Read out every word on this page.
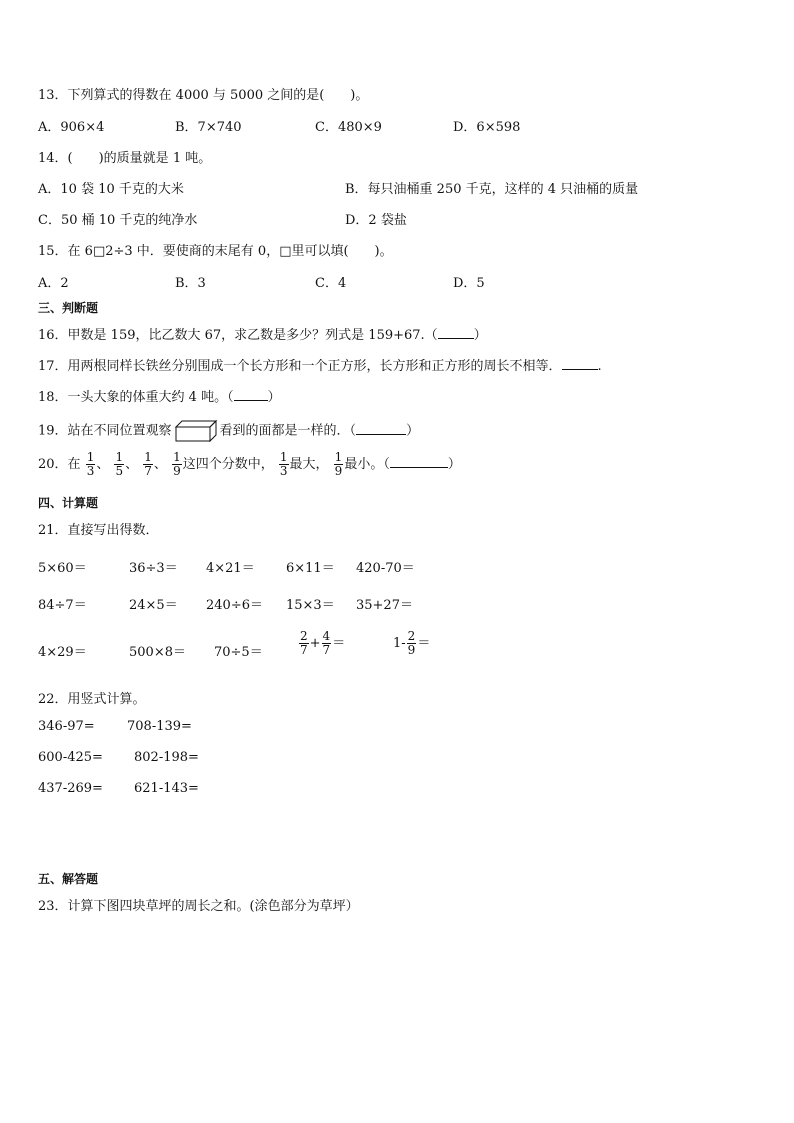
13．下列算式的得数在 4000 与 5000 之间的是(　　)。
A．906×4	B．7×740	C．480×9	D．6×598
14．(　　)的质量就是 1 吨。
A．10 袋 10 千克的大米	B．每只油桶重 250 千克，这样的 4 只油桶的质量
C．50 桶 10 千克的纯净水	D．2 袋盐
15．在 6□2÷3 中．要使商的末尾有 0，□里可以填(　　)。
A．2	B．3	C．4	D．5
三、判断题
16．甲数是 159，比乙数大 67，求乙数是多少？列式是 159+67.（	）
17．用两根同样长铁丝分别围成一个长方形和一个正方形，长方形和正方形的周长不相等．	.
18．一头大象的体重大约 4 吨。（	）
19．站在不同位置观察	看到的面都是一样的．（	）
20．在 $\frac{1}{3}$ 、 $\frac{1}{5}$ 、 $\frac{1}{7}$ 、 $\frac{1}{9}$ 这四个分数中， $\frac{1}{3}$ 最大， $\frac{1}{9}$ 最小。（	）
四、计算题
21．直接写出得数．
5×60＝	36÷3＝ 4×21＝ 6×11＝ 420-70＝
84÷7＝	24×5＝ 240÷6＝ 15×3＝ 35+27＝
4×29＝	500×8＝ 70÷5＝	$\frac{2}{7} + \frac{4}{7}$ ＝	$1- \frac{2}{9}$ ＝
22．用竖式计算。
346-97= 708-139=
600-425= 802-198=
437-269= 621-143=
五、解答题
23．计算下图四块草坪的周长之和。(涂色部分为草坪）
